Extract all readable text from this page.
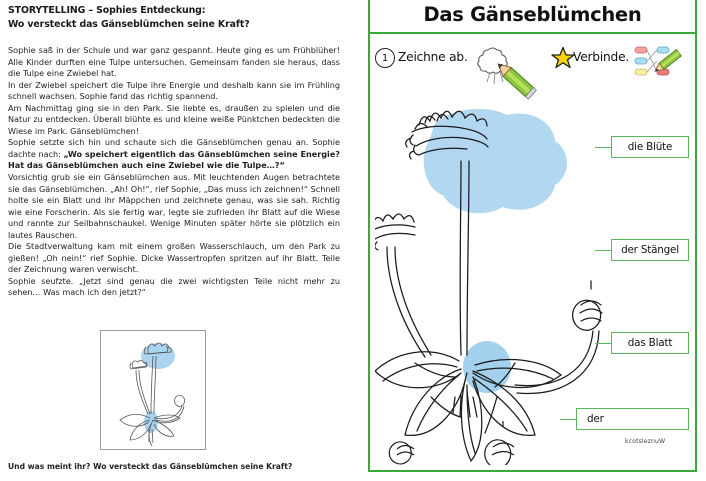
STORYTELLING – Sophies Entdeckung:
Wo versteckt das Gänseblümchen seine Kraft?

Sophie saß in der Schule und war ganz gespannt. Heute ging es um Frühblüher! Alle Kinder durften eine Tulpe untersuchen. Gemeinsam fanden sie heraus, dass die Tulpe eine Zwiebel hat.

In der Zwiebel speichert die Tulpe ihre Energie und deshalb kann sie im Frühling schnell wachsen. Sophie fand das richtig spannend.

Am Nachmittag ging sie in den Park. Sie liebte es, draußen zu spielen und die Natur zu entdecken. Überall blühte es und kleine weiße Pünktchen bedeckten die Wiese im Park. Gänseblümchen!

Sophie setzte sich hin und schaute sich die Gänseblümchen genau an. Sophie dachte nach: „Wo speichert eigentlich das Gänseblümchen seine Energie? Hat das Gänseblümchen auch eine Zwiebel wie die Tulpe…?“

Vorsichtig grub sie ein Gänseblümchen aus. Mit leuchtenden Augen betrachtete sie das Gänseblümchen. „Ah! Oh!“, rief Sophie, „Das muss ich zeichnen!“ Schnell holte sie ein Blatt und ihr Mäppchen und zeichnete genau, was sie sah. Richtig wie eine Forscherin. Als sie fertig war, legte sie zufrieden ihr Blatt auf die Wiese und rannte zur Seilbahnschaukel. Wenige Minuten später hörte sie plötzlich ein lautes Rauschen.

Die Stadtverwaltung kam mit einem großen Wasserschlauch, um den Park zu gießen! „Oh nein!“ rief Sophie. Dicke Wassertropfen spritzen auf ihr Blatt. Teile der Zeichnung waren verwischt.

Sophie seufzte. „Jetzt sind genau die zwei wichtigsten Teile nicht mehr zu sehen… Was mach ich den jetzt?“

Und was meint ihr? Wo versteckt das Gänseblümchen seine Kraft?
Das Gänseblümchen
1 Zeichne ab.	Verbinde.
die Blüte
der Stängel
das Blatt
der
kcotsleznuW
